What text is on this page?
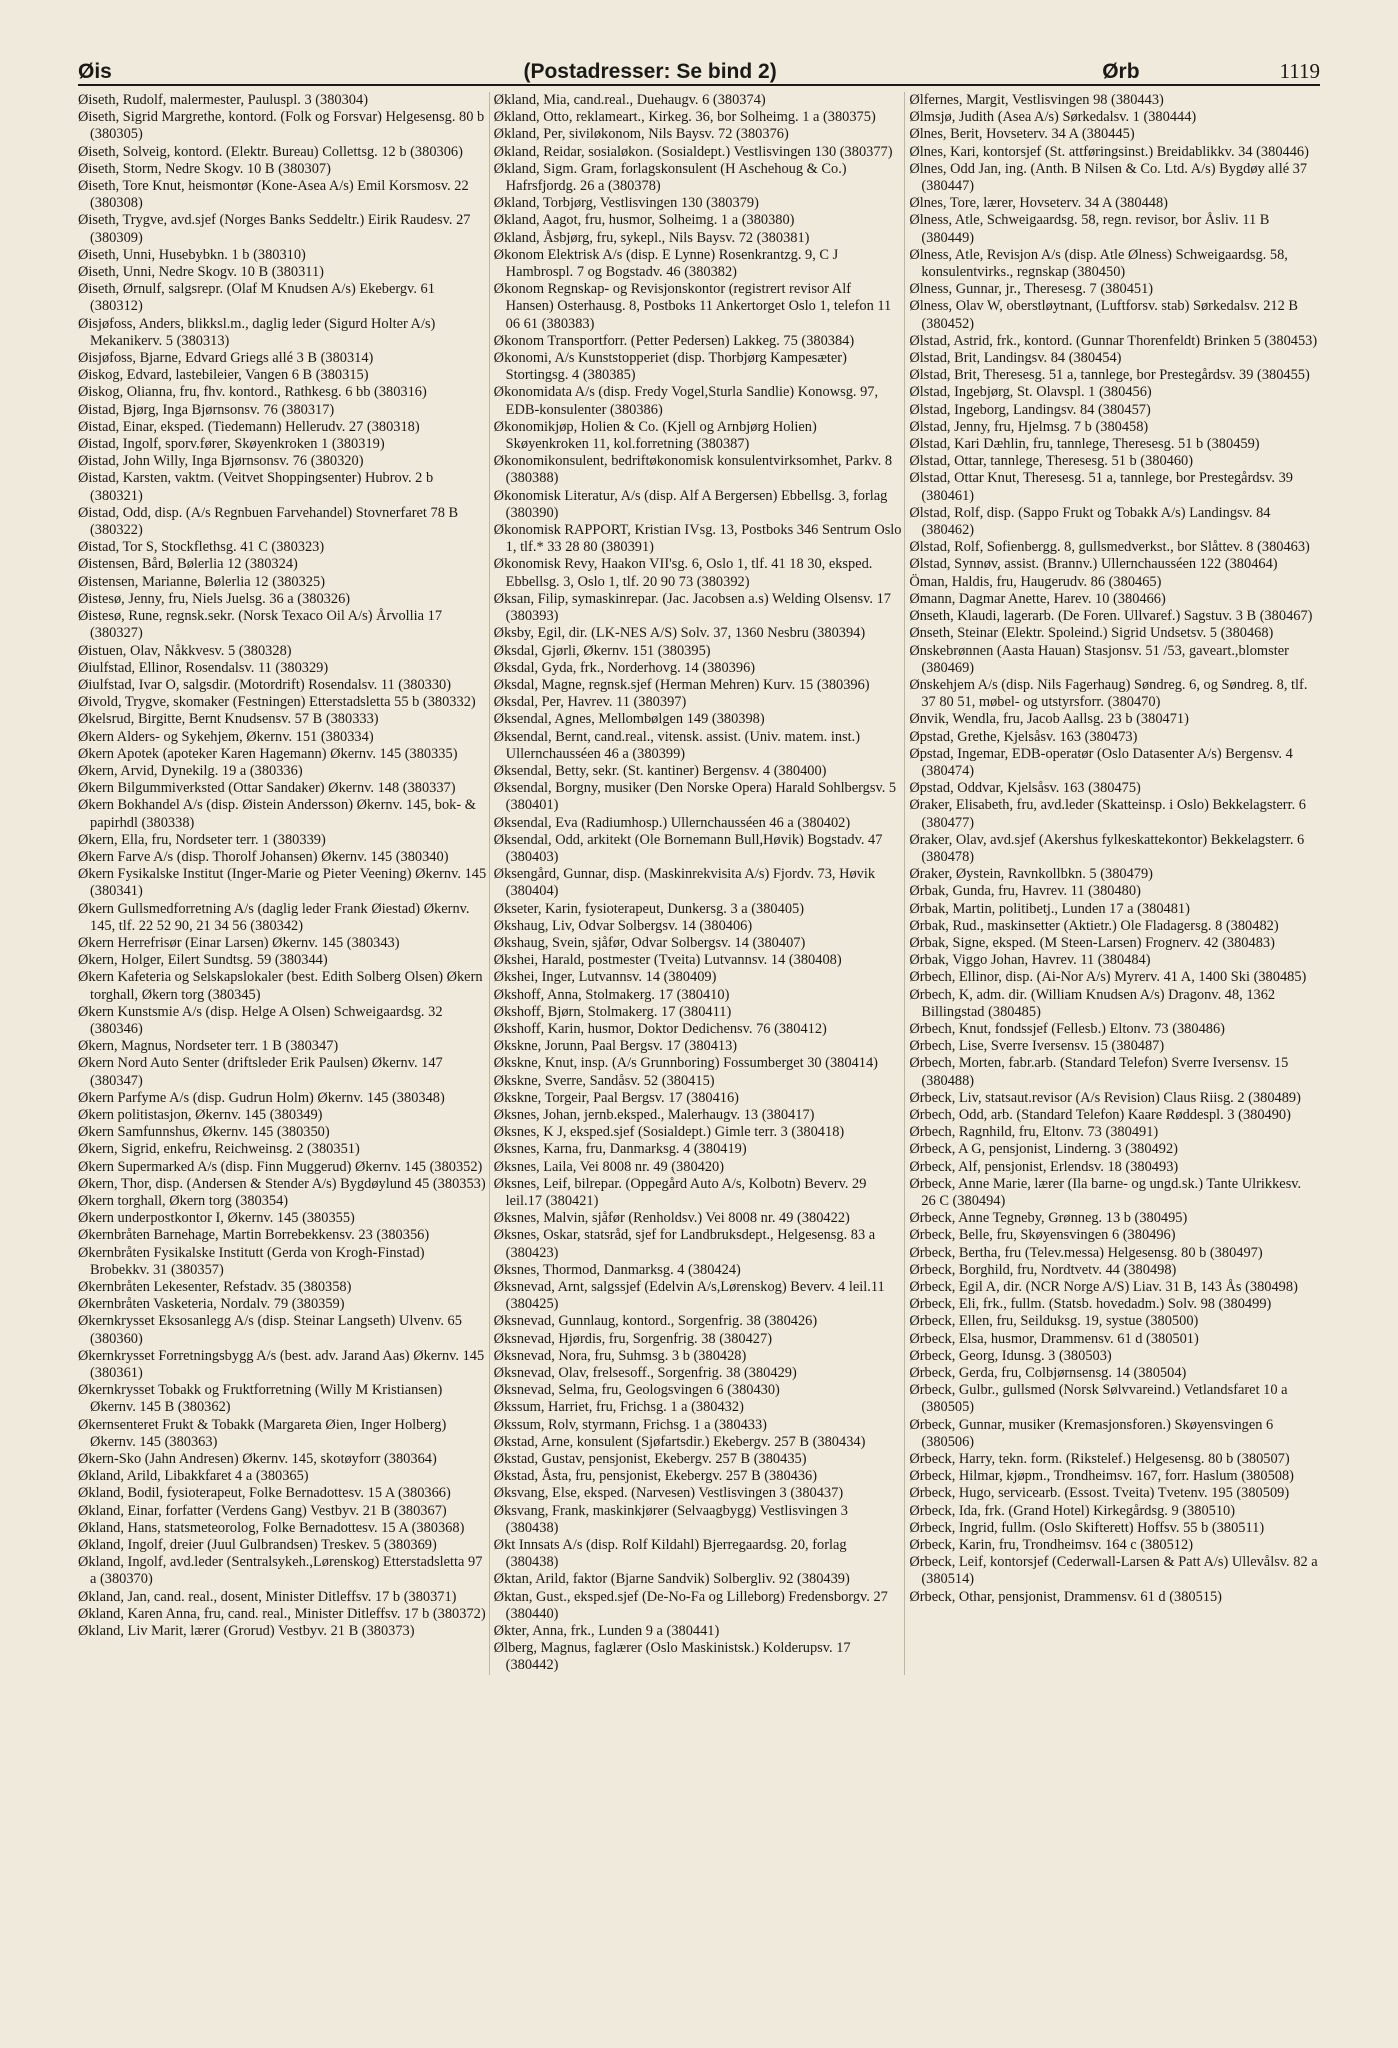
Øis	(Postadresser: Se bind 2)	Ørb	1119
Øiseth, Rudolf, malermester, Pauluspl. 3 (380304)
Øiseth, Sigrid Margrethe, kontord. (Folk og Forsvar) Helgesensg. 80 b (380305)
Øiseth, Solveig, kontord. (Elektr. Bureau) Collettsg. 12 b (380306)
Øiseth, Storm, Nedre Skogv. 10 B (380307)
Øiseth, Tore Knut, heismontør (Kone-Asea A/s) Emil Korsmosv. 22 (380308)
Øiseth, Trygve, avd.sjef (Norges Banks Seddeltr.) Eirik Raudesv. 27 (380309)
Øiseth, Unni, Husebybkn. 1 b (380310)
Øiseth, Unni, Nedre Skogv. 10 B (380311)
Øiseth, Ørnulf, salgsrepr. (Olaf M Knudsen A/s) Ekebergv. 61 (380312)
Øisjøfoss, Anders, blikksl.m., daglig leder (Sigurd Holter A/s) Mekanikerv. 5 (380313)
Øisjøfoss, Bjarne, Edvard Griegs allé 3 B (380314)
Øiskog, Edvard, lastebileier, Vangen 6 B (380315)
Øiskog, Olianna, fru, fhv. kontord., Rathkesg. 6 bb (380316)
Øistad, Bjørg, Inga Bjørnsonsv. 76 (380317)
Øistad, Einar, eksped. (Tiedemann) Hellerudv. 27 (380318)
Øistad, Ingolf, sporv.fører, Skøyenkroken 1 (380319)
Øistad, John Willy, Inga Bjørnsonsv. 76 (380320)
Øistad, Karsten, vaktm. (Veitvet Shoppingsenter) Hubrov. 2 b (380321)
Øistad, Odd, disp. (A/s Regnbuen Farvehandel) Stovnerfaret 78 B (380322)
Øistad, Tor S, Stockflethsg. 41 C (380323)
Øistensen, Bård, Bølerlia 12 (380324)
Øistensen, Marianne, Bølerlia 12 (380325)
Øistesø, Jenny, fru, Niels Juelsg. 36 a (380326)
Øistesø, Rune, regnsk.sekr. (Norsk Texaco Oil A/s) Årvollia 17 (380327)
Øistuen, Olav, Nåkkvesv. 5 (380328)
Øiulfstad, Ellinor, Rosendalsv. 11 (380329)
Øiulfstad, Ivar O, salgsdir. (Motordrift) Rosendalsv. 11 (380330)
Øivold, Trygve, skomaker (Festningen) Etterstadsletta 55 b (380332)
Økelsrud, Birgitte, Bernt Knudsensv. 57 B (380333)
Økern Alders- og Sykehjem, Økernv. 151 (380334)
Økern Apotek (apoteker Karen Hagemann) Økernv. 145 (380335)
Økern, Arvid, Dynekilg. 19 a (380336)
Økern Bilgummiverksted (Ottar Sandaker) Økernv. 148 (380337)
Økern Bokhandel A/s (disp. Øistein Andersson) Økernv. 145, bok- & papirhdl (380338)
Økern, Ella, fru, Nordseter terr. 1 (380339)
Økern Farve A/s (disp. Thorolf Johansen) Økernv. 145 (380340)
Økern Fysikalske Institut (Inger-Marie og Pieter Veening) Økernv. 145 (380341)
Økern Gullsmedforretning A/s (daglig leder Frank Øiestad) Økernv. 145, tlf. 22 52 90, 21 34 56 (380342)
Økern Herrefrisør (Einar Larsen) Økernv. 145 (380343)
Økern, Holger, Eilert Sundtsg. 59 (380344)
Økern Kafeteria og Selskapslokaler (best. Edith Solberg Olsen) Økern torghall, Økern torg (380345)
Økern Kunstsmie A/s (disp. Helge A Olsen) Schweigaardsg. 32 (380346)
Økern, Magnus, Nordseter terr. 1 B (380347)
Økern Nord Auto Senter (driftsleder Erik Paulsen) Økernv. 147 (380347)
Økern Parfyme A/s (disp. Gudrun Holm) Økernv. 145 (380348)
Økern politistasjon, Økernv. 145 (380349)
Økern Samfunnshus, Økernv. 145 (380350)
Økern, Sigrid, enkefru, Reichweinsg. 2 (380351)
Økern Supermarked A/s (disp. Finn Muggerud) Økernv. 145 (380352)
Økern, Thor, disp. (Andersen & Stender A/s) Bygdøylund 45 (380353)
Økern torghall, Økern torg (380354)
Økern underpostkontor I, Økernv. 145 (380355)
Økernbråten Barnehage, Martin Borrebekkensv. 23 (380356)
Økernbråten Fysikalske Institutt (Gerda von Krogh-Finstad) Brobekkv. 31 (380357)
Økernbråten Lekesenter, Refstadv. 35 (380358)
Økernbråten Vasketeria, Nordalv. 79 (380359)
Økernkrysset Eksosanlegg A/s (disp. Steinar Langseth) Ulvenv. 65 (380360)
Økernkrysset Forretningsbygg A/s (best. adv. Jarand Aas) Økernv. 145 (380361)
Økernkrysset Tobakk og Fruktforretning (Willy M Kristiansen) Økernv. 145 B (380362)
Økernsenteret Frukt & Tobakk (Margareta Øien, Inger Holberg) Økernv. 145 (380363)
Økern-Sko (Jahn Andresen) Økernv. 145, skotøyforr (380364)
Økland, Arild, Libakkfaret 4 a (380365)
Økland, Bodil, fysioterapeut, Folke Bernadottesv. 15 A (380366)
Økland, Einar, forfatter (Verdens Gang) Vestbyv. 21 B (380367)
Økland, Hans, statsmeteorolog, Folke Bernadottesv. 15 A (380368)
Økland, Ingolf, dreier (Juul Gulbrandsen) Treskev. 5 (380369)
Økland, Ingolf, avd.leder (Sentralsykeh.,Lørenskog) Etterstadsletta 97 a (380370)
Økland, Jan, cand. real., dosent, Minister Ditleffsv. 17 b (380371)
Økland, Karen Anna, fru, cand. real., Minister Ditleffsv. 17 b (380372)
Økland, Liv Marit, lærer (Grorud) Vestbyv. 21 B (380373)
Økland, Mia, cand.real., Duehaugv. 6 (380374)
Økland, Otto, reklameart., Kirkeg. 36, bor Solheimg. 1 a (380375)
Økland, Per, siviløkonom, Nils Baysv. 72 (380376)
Økland, Reidar, sosialøkon. (Sosialdept.) Vestlisvingen 130 (380377)
Økland, Sigm. Gram, forlagskonsulent (H Aschehoug & Co.) Hafrsfjordg. 26 a (380378)
Økland, Torbjørg, Vestlisvingen 130 (380379)
Økland, Aagot, fru, husmor, Solheimg. 1 a (380380)
Økland, Åsbjørg, fru, sykepl., Nils Baysv. 72 (380381)
Økonom Elektrisk A/s (disp. E Lynne) Rosenkrantzg. 9, C J Hambrospl. 7 og Bogstadv. 46 (380382)
Økonom Regnskap- og Revisjonskontor (registrert revisor Alf Hansen) Osterhausg. 8, Postboks 11 Ankertorget Oslo 1, telefon 11 06 61 (380383)
Økonom Transportforr. (Petter Pedersen) Lakkeg. 75 (380384)
Økonomi, A/s Kunststopperiet (disp. Thorbjørg Kampesæter) Stortingsg. 4 (380385)
Økonomidata A/s (disp. Fredy Vogel,Sturla Sandlie) Konowsg. 97, EDB-konsulenter (380386)
Økonomikjøp, Holien & Co. (Kjell og Arnbjørg Holien) Skøyenkroken 11, kol.forretning (380387)
Økonomikonsulent, bedriftøkonomisk konsulentvirksomhet, Parkv. 8 (380388)
Økonomisk Literatur, A/s (disp. Alf A Bergersen) Ebbellsg. 3, forlag (380390)
Økonomisk RAPPORT, Kristian IVsg. 13, Postboks 346 Sentrum Oslo 1, tlf.* 33 28 80 (380391)
Økonomisk Revy, Haakon VII'sg. 6, Oslo 1, tlf. 41 18 30, eksped. Ebbellsg. 3, Oslo 1, tlf. 20 90 73 (380392)
Øksan, Filip, symaskinrepar. (Jac. Jacobsen a.s) Welding Olsensv. 17 (380393)
Øksby, Egil, dir. (LK-NES A/S) Solv. 37, 1360 Nesbru (380394)
Øksdal, Gjørli, Økernv. 151 (380395)
Øksdal, Gyda, frk., Norderhovg. 14 (380396)
Øksdal, Magne, regnsk.sjef (Herman Mehren) Kurv. 15 (380396)
Øksdal, Per, Havrev. 11 (380397)
Øksendal, Agnes, Mellombølgen 149 (380398)
Øksendal, Bernt, cand.real., vitensk. assist. (Univ. matem. inst.) Ullernchausséen 46 a (380399)
Øksendal, Betty, sekr. (St. kantiner) Bergensv. 4 (380400)
Øksendal, Borgny, musiker (Den Norske Opera) Harald Sohlbergsv. 5 (380401)
Øksendal, Eva (Radiumhosp.) Ullernchausséen 46 a (380402)
Øksendal, Odd, arkitekt (Ole Bornemann Bull,Høvik) Bogstadv. 47 (380403)
Øksengård, Gunnar, disp. (Maskinrekvisita A/s) Fjordv. 73, Høvik (380404)
Økseter, Karin, fysioterapeut, Dunkersg. 3 a (380405)
Økshaug, Liv, Odvar Solbergsv. 14 (380406)
Økshaug, Svein, sjåfør, Odvar Solbergsv. 14 (380407)
Økshei, Harald, postmester (Tveita) Lutvannsv. 14 (380408)
Økshei, Inger, Lutvannsv. 14 (380409)
Økshoff, Anna, Stolmakerg. 17 (380410)
Økshoff, Bjørn, Stolmakerg. 17 (380411)
Økshoff, Karin, husmor, Doktor Dedichensv. 76 (380412)
Økskne, Jorunn, Paal Bergsv. 17 (380413)
Økskne, Knut, insp. (A/s Grunnboring) Fossumberget 30 (380414)
Økskne, Sverre, Sandåsv. 52 (380415)
Økskne, Torgeir, Paal Bergsv. 17 (380416)
Øksnes, Johan, jernb.eksped., Malerhaugv. 13 (380417)
Øksnes, K J, eksped.sjef (Sosialdept.) Gimle terr. 3 (380418)
Øksnes, Karna, fru, Danmarksg. 4 (380419)
Øksnes, Laila, Vei 8008 nr. 49 (380420)
Øksnes, Leif, bilrepar. (Oppegård Auto A/s, Kolbotn) Beverv. 29 leil.17 (380421)
Øksnes, Malvin, sjåfør (Renholdsv.) Vei 8008 nr. 49 (380422)
Øksnes, Oskar, statsråd, sjef for Landbruksdept., Helgesensg. 83 a (380423)
Øksnes, Thormod, Danmarksg. 4 (380424)
Øksnevad, Arnt, salgssjef (Edelvin A/s,Lørenskog) Beverv. 4 leil.11 (380425)
Øksnevad, Gunnlaug, kontord., Sorgenfrig. 38 (380426)
Øksnevad, Hjørdis, fru, Sorgenfrig. 38 (380427)
Øksnevad, Nora, fru, Suhmsg. 3 b (380428)
Øksnevad, Olav, frelsesoff., Sorgenfrig. 38 (380429)
Øksnevad, Selma, fru, Geologsvingen 6 (380430)
Økssum, Harriet, fru, Frichsg. 1 a (380432)
Økssum, Rolv, styrmann, Frichsg. 1 a (380433)
Økstad, Arne, konsulent (Sjøfartsdir.) Ekebergv. 257 B (380434)
Økstad, Gustav, pensjonist, Ekebergv. 257 B (380435)
Økstad, Åsta, fru, pensjonist, Ekebergv. 257 B (380436)
Øksvang, Else, eksped. (Narvesen) Vestlisvingen 3 (380437)
Øksvang, Frank, maskinkjører (Selvaagbygg) Vestlisvingen 3 (380438)
Økt Innsats A/s (disp. Rolf Kildahl) Bjerregaardsg. 20, forlag (380438)
Øktan, Arild, faktor (Bjarne Sandvik) Solbergliv. 92 (380439)
Øktan, Gust., eksped.sjef (De-No-Fa og Lilleborg) Fredensborgv. 27 (380440)
Økter, Anna, frk., Lunden 9 a (380441)
Ølberg, Magnus, faglærer (Oslo Maskinistsk.) Kolderupsv. 17 (380442)
Ølfernes, Margit, Vestlisvingen 98 (380443)
Ølmsjø, Judith (Asea A/s) Sørkedalsv. 1 (380444)
Ølnes, Berit, Hovseterv. 34 A (380445)
Ølnes, Kari, kontorsjef (St. attføringsinst.) Breidablikkv. 34 (380446)
Ølnes, Odd Jan, ing. (Anth. B Nilsen & Co. Ltd. A/s) Bygdøy allé 37 (380447)
Ølnes, Tore, lærer, Hovseterv. 34 A (380448)
Ølness, Atle, Schweigaardsg. 58, regn. revisor, bor Åsliv. 11 B (380449)
Ølness, Atle, Revisjon A/s (disp. Atle Ølness) Schweigaardsg. 58, konsulentvirks., regnskap (380450)
Ølness, Gunnar, jr., Theresesg. 7 (380451)
Ølness, Olav W, oberstløytnant, (Luftforsv. stab) Sørkedalsv. 212 B (380452)
Ølstad, Astrid, frk., kontord. (Gunnar Thorenfeldt) Brinken 5 (380453)
Ølstad, Brit, Landingsv. 84 (380454)
Ølstad, Brit, Theresesg. 51 a, tannlege, bor Prestegårdsv. 39 (380455)
Ølstad, Ingebjørg, St. Olavspl. 1 (380456)
Ølstad, Ingeborg, Landingsv. 84 (380457)
Ølstad, Jenny, fru, Hjelmsg. 7 b (380458)
Ølstad, Kari Dæhlin, fru, tannlege, Theresesg. 51 b (380459)
Ølstad, Ottar, tannlege, Theresesg. 51 b (380460)
Ølstad, Ottar Knut, Theresesg. 51 a, tannlege, bor Prestegårdsv. 39 (380461)
Ølstad, Rolf, disp. (Sappo Frukt og Tobakk A/s) Landingsv. 84 (380462)
Ølstad, Rolf, Sofienbergg. 8, gullsmedverkst., bor Slåttev. 8 (380463)
Ølstad, Synnøv, assist. (Brannv.) Ullernchausséen 122 (380464)
Öman, Haldis, fru, Haugerudv. 86 (380465)
Ømann, Dagmar Anette, Harev. 10 (380466)
Ønseth, Klaudi, lagerarb. (De Foren. Ullvaref.) Sagstuv. 3 B (380467)
Ønseth, Steinar (Elektr. Spoleind.) Sigrid Undsetsv. 5 (380468)
Ønskebrønnen (Aasta Hauan) Stasjonsv. 51 /53, gaveart.,blomster (380469)
Ønskehjem A/s (disp. Nils Fagerhaug) Søndreg. 6, og Søndreg. 8, tlf. 37 80 51, møbel- og utstyrsforr. (380470)
Ønvik, Wendla, fru, Jacob Aallsg. 23 b (380471)
Øpstad, Grethe, Kjelsåsv. 163 (380473)
Øpstad, Ingemar, EDB-operatør (Oslo Datasenter A/s) Bergensv. 4 (380474)
Øpstad, Oddvar, Kjelsåsv. 163 (380475)
Øraker, Elisabeth, fru, avd.leder (Skatteinsp. i Oslo) Bekkelagsterr. 6 (380477)
Øraker, Olav, avd.sjef (Akershus fylkeskattekontor) Bekkelagsterr. 6 (380478)
Øraker, Øystein, Ravnkollbkn. 5 (380479)
Ørbak, Gunda, fru, Havrev. 11 (380480)
Ørbak, Martin, politibetj., Lunden 17 a (380481)
Ørbak, Rud., maskinsetter (Aktietr.) Ole Fladagersg. 8 (380482)
Ørbak, Signe, eksped. (M Steen-Larsen) Frognerv. 42 (380483)
Ørbak, Viggo Johan, Havrev. 11 (380484)
Ørbech, Ellinor, disp. (Ai-Nor A/s) Myrerv. 41 A, 1400 Ski (380485)
Ørbech, K, adm. dir. (William Knudsen A/s) Dragonv. 48, 1362 Billingstad (380485)
Ørbech, Knut, fondssjef (Fellesb.) Eltonv. 73 (380486)
Ørbech, Lise, Sverre Iversensv. 15 (380487)
Ørbech, Morten, fabr.arb. (Standard Telefon) Sverre Iversensv. 15 (380488)
Ørbeck, Liv, statsaut.revisor (A/s Revision) Claus Riisg. 2 (380489)
Ørbech, Odd, arb. (Standard Telefon) Kaare Røddespl. 3 (380490)
Ørbech, Ragnhild, fru, Eltonv. 73 (380491)
Ørbeck, A G, pensjonist, Linderng. 3 (380492)
Ørbeck, Alf, pensjonist, Erlendsv. 18 (380493)
Ørbeck, Anne Marie, lærer (Ila barne- og ungd.sk.) Tante Ulrikkesv. 26 C (380494)
Ørbeck, Anne Tegneby, Grønneg. 13 b (380495)
Ørbeck, Belle, fru, Skøyensvingen 6 (380496)
Ørbeck, Bertha, fru (Telev.messa) Helgesensg. 80 b (380497)
Ørbeck, Borghild, fru, Nordtvetv. 44 (380498)
Ørbeck, Egil A, dir. (NCR Norge A/S) Liav. 31 B, 143 Ås (380498)
Ørbeck, Eli, frk., fullm. (Statsb. hovedadm.) Solv. 98 (380499)
Ørbeck, Ellen, fru, Seilduksg. 19, systue (380500)
Ørbeck, Elsa, husmor, Drammensv. 61 d (380501)
Ørbeck, Georg, Idunsg. 3 (380503)
Ørbeck, Gerda, fru, Colbjørnsensg. 14 (380504)
Ørbeck, Gulbr., gullsmed (Norsk Sølvvareind.) Vetlandsfaret 10 a (380505)
Ørbeck, Gunnar, musiker (Kremasjonsforen.) Skøyensvingen 6 (380506)
Ørbeck, Harry, tekn. form. (Rikstelef.) Helgesensg. 80 b (380507)
Ørbeck, Hilmar, kjøpm., Trondheimsv. 167, forr. Haslum (380508)
Ørbeck, Hugo, servicearb. (Essost. Tveita) Tvetenv. 195 (380509)
Ørbeck, Ida, frk. (Grand Hotel) Kirkegårdsg. 9 (380510)
Ørbeck, Ingrid, fullm. (Oslo Skifterett) Hoffsv. 55 b (380511)
Ørbeck, Karin, fru, Trondheimsv. 164 c (380512)
Ørbeck, Leif, kontorsjef (Cederwall-Larsen & Patt A/s) Ullevålsv. 82 a (380514)
Ørbeck, Othar, pensjonist, Drammensv. 61 d (380515)
